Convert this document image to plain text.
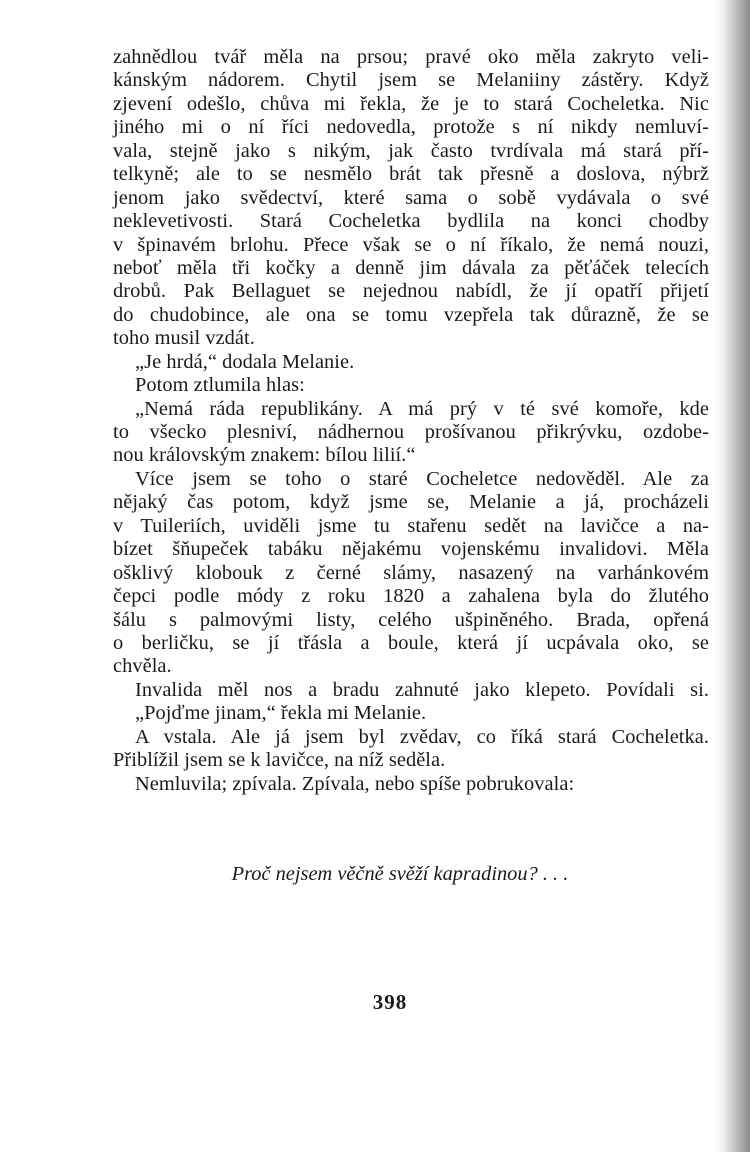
zahnědlou tvář měla na prsou; pravé oko měla zakryto veli-
kánským nádorem. Chytil jsem se Melaniiny zástěry. Když
zjevení odešlo, chůva mi řekla, že je to stará Cocheletka. Nic
jiného mi o ní říci nedovedla, protože s ní nikdy nemluví-
vala, stejně jako s nikým, jak často tvrdívala má stará pří-
telkyně; ale to se nesmělo brát tak přesně a doslova, nýbrž
jenom jako svědectví, které sama o sobě vydávala o své
neklevetivosti. Stará Cocheletka bydlila na konci chodby
v špinavém brlohu. Přece však se o ní říkalo, že nemá nouzi,
neboť měla tři kočky a denně jim dávala za pěťáček telecích
drobů. Pak Bellaguet se nejednou nabídl, že jí opatří přijetí
do chudobince, ale ona se tomu vzepřela tak důrazně, že se
toho musil vzdát.
„Je hrdá,“ dodala Melanie.
Potom ztlumila hlas:
„Nemá ráda republikány. A má prý v té své komoře, kde
to všecko plesniví, nádhernou prošívanou přikrývku, ozdobe-
nou královským znakem: bílou lilií.“
Více jsem se toho o staré Cocheletce nedověděl. Ale za
nějaký čas potom, když jsme se, Melanie a já, procházeli
v Tuileriích, uviděli jsme tu stařenu sedět na lavičce a na-
bízet šňupeček tabáku nějakému vojenskému invalidovi. Měla
ošklivý klobouk z černé slámy, nasazený na varhánkovém
čepci podle módy z roku 1820 a zahalena byla do žlutého
šálu s palmovými listy, celého ušpiněného. Brada, opřená
o berličku, se jí třásla a boule, která jí ucpávala oko, se
chvěla.
Invalida měl nos a bradu zahnuté jako klepeto. Povídali si.
„Pojďme jinam,“ řekla mi Melanie.
A vstala. Ale já jsem byl zvědav, co říká stará Cocheletka.
Přiblížil jsem se k lavičce, na níž seděla.
Nemluvila; zpívala. Zpívala, nebo spíše pobrukovala:
Proč nejsem věčně svěží kapradinou? . . .
398
